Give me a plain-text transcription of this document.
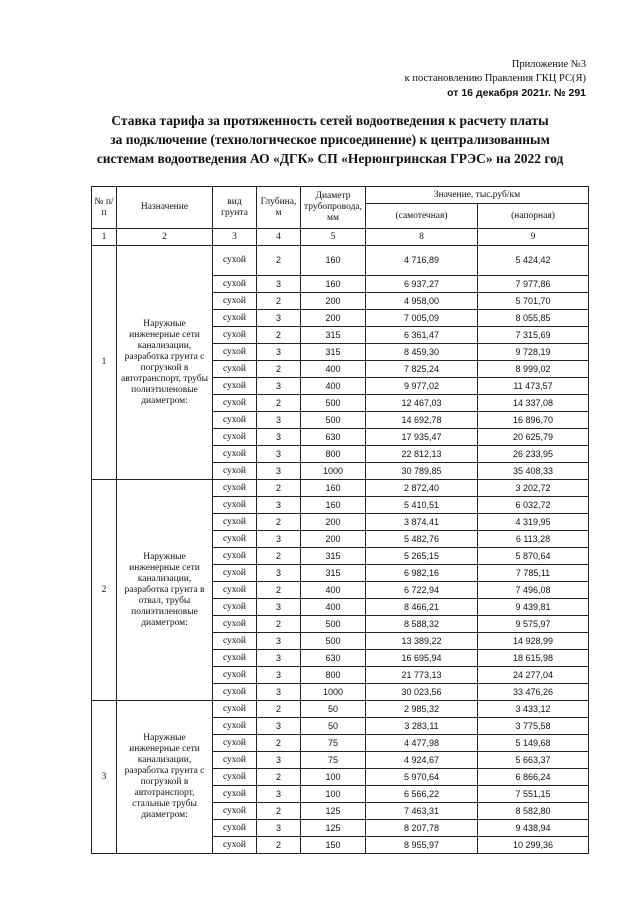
Приложение №3
к постановлению Правления ГКЦ РС(Я)
от 16 декабря 2021г. № 291
Ставка тарифа за протяженность сетей водоотведения к расчету платы
за подключение (технологическое присоединение) к централизованным
системам водоотведения АО «ДГК» СП «Нерюнгринская ГРЭС» на 2022 год
№ п/п	Назначение	вид грунта	Глубина, м	Диаметр трубопровода, мм	Значение, тыс.руб/км	
					(самотечная)	(напорная)
1	2	3	4	5	8	9
1	Наружные инженерные сети канализации, разработка грунта с погрузкой в автотранспорт, трубы полиэтиленовые диаметром:	сухой	2	160	4 716,89	5 424,42
		сухой	3	160	6 937,27	7 977,86
		сухой	2	200	4 958,00	5 701,70
		сухой	3	200	7 005,09	8 055,85
		сухой	2	315	6 361,47	7 315,69
		сухой	3	315	8 459,30	9 728,19
		сухой	2	400	7 825,24	8 999,02
		сухой	3	400	9 977,02	11 473,57
		сухой	2	500	12 467,03	14 337,08
		сухой	3	500	14 692,78	16 896,70
		сухой	3	630	17 935,47	20 625,79
		сухой	3	800	22 812,13	26 233,95
		сухой	3	1000	30 789,85	35 408,33
2	Наружные инженерные сети канализации, разработка грунта в отвал, трубы полиэтиленовые диаметром:	сухой	2	160	2 872,40	3 202,72
		сухой	3	160	5 410,51	6 032,72
		сухой	2	200	3 874,41	4 319,95
		сухой	3	200	5 482,76	6 113,28
		сухой	2	315	5 265,15	5 870,64
		сухой	3	315	6 982,16	7 785,11
		сухой	2	400	6 722,94	7 496,08
		сухой	3	400	8 466,21	9 439,81
		сухой	2	500	8 588,32	9 575,97
		сухой	3	500	13 389,22	14 928,99
		сухой	3	630	16 695,94	18 615,98
		сухой	3	800	21 773,13	24 277,04
		сухой	3	1000	30 023,56	33 476,26
3	Наружные инженерные сети канализации, разработка грунта с погрузкой в автотранспорт, стальные трубы диаметром:	сухой	2	50	2 985,32	3 433,12
		сухой	3	50	3 283,11	3 775,58
		сухой	2	75	4 477,98	5 149,68
		сухой	3	75	4 924,67	5 663,37
		сухой	2	100	5 970,64	6 866,24
		сухой	3	100	6 566,22	7 551,15
		сухой	2	125	7 463,31	8 582,80
		сухой	3	125	8 207,78	9 438,94
		сухой	2	150	8 955,97	10 299,36
